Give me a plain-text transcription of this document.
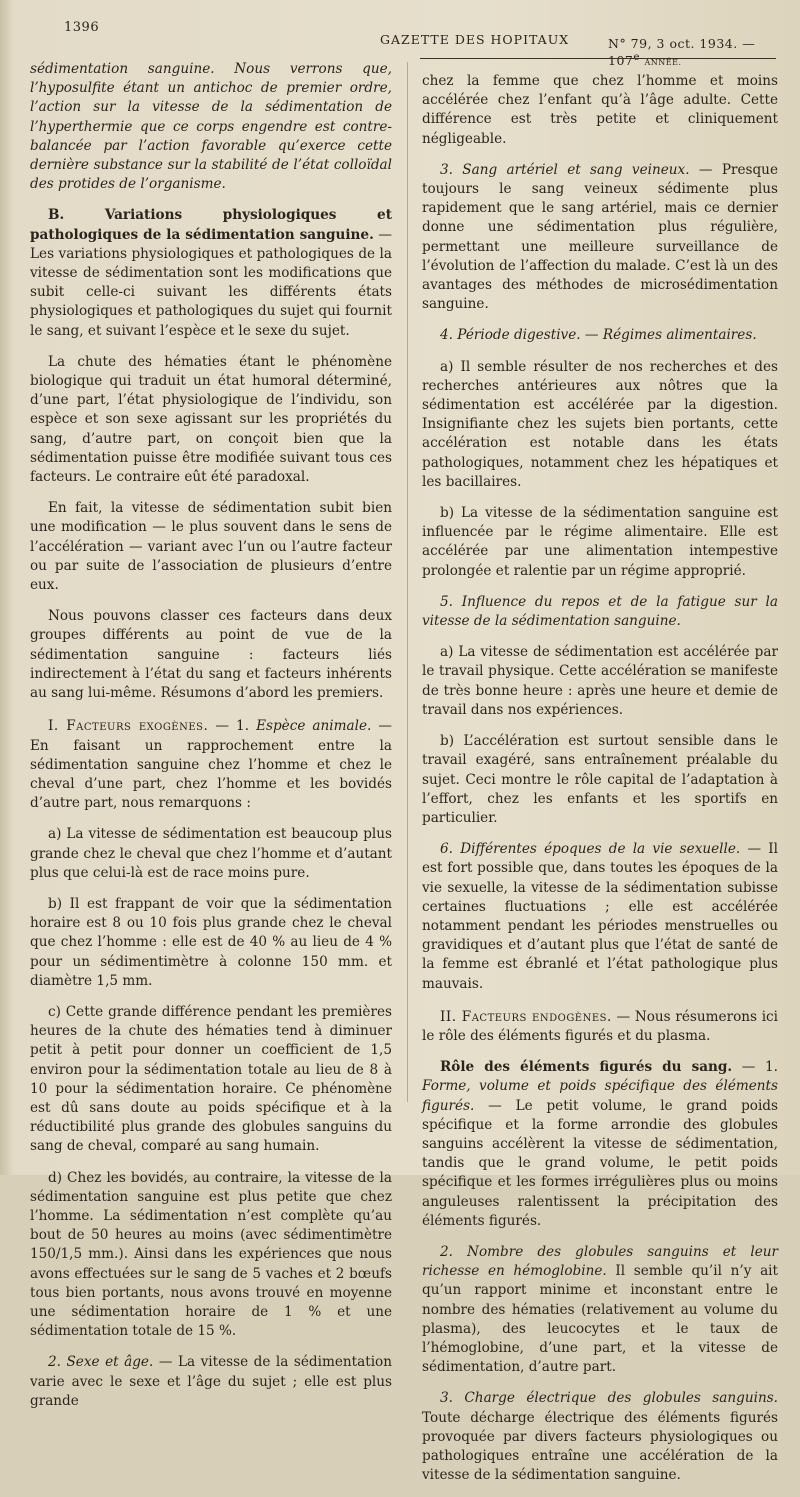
1396
GAZETTE DES HOPITAUX	N° 79, 3 oct. 1934. — 107e ANNÉE.

sédimentation sanguine. Nous verrons que, l’hyposulfite étant un antichoc de premier ordre, l’action sur la vitesse de la sédimentation de l’hyperthermie que ce corps engendre est contre-balancée par l’action favorable qu’exerce cette dernière substance sur la stabilité de l’état colloïdal des protides de l’organisme.

B. Variations physiologiques et pathologiques de la sédimentation sanguine. — Les variations physiologiques et pathologiques de la vitesse de sédimentation sont les modifications que subit celle-ci suivant les différents états physiologiques et pathologiques du sujet qui fournit le sang, et suivant l’espèce et le sexe du sujet.

La chute des hématies étant le phénomène biologique qui traduit un état humoral déterminé, d’une part, l’état physiologique de l’individu, son espèce et son sexe agissant sur les propriétés du sang, d’autre part, on conçoit bien que la sédimentation puisse être modifiée suivant tous ces facteurs. Le contraire eût été paradoxal.

En fait, la vitesse de sédimentation subit bien une modification — le plus souvent dans le sens de l’accélération — variant avec l’un ou l’autre facteur ou par suite de l’association de plusieurs d’entre eux.

Nous pouvons classer ces facteurs dans deux groupes différents au point de vue de la sédimentation sanguine : facteurs liés indirectement à l’état du sang et facteurs inhérents au sang lui-même. Résumons d’abord les premiers.

I. Facteurs exogènes. — 1. Espèce animale. — En faisant un rapprochement entre la sédimentation sanguine chez l’homme et chez le cheval d’une part, chez l’homme et les bovidés d’autre part, nous remarquons :

a) La vitesse de sédimentation est beaucoup plus grande chez le cheval que chez l’homme et d’autant plus que celui-là est de race moins pure.

b) Il est frappant de voir que la sédimentation horaire est 8 ou 10 fois plus grande chez le cheval que chez l’homme : elle est de 40 % au lieu de 4 % pour un sédimentimètre à colonne 150 mm. et diamètre 1,5 mm.

c) Cette grande différence pendant les premières heures de la chute des hématies tend à diminuer petit à petit pour donner un coefficient de 1,5 environ pour la sédimentation totale au lieu de 8 à 10 pour la sédimentation horaire. Ce phénomène est dû sans doute au poids spécifique et à la réductibilité plus grande des globules sanguins du sang de cheval, comparé au sang humain.

d) Chez les bovidés, au contraire, la vitesse de la sédimentation sanguine est plus petite que chez l’homme. La sédimentation n’est complète qu’au bout de 50 heures au moins (avec sédimentimètre 150/1,5 mm.). Ainsi dans les expériences que nous avons effectuées sur le sang de 5 vaches et 2 bœufs tous bien portants, nous avons trouvé en moyenne une sédimentation horaire de 1 % et une sédimentation totale de 15 %.

2. Sexe et âge. — La vitesse de la sédimentation varie avec le sexe et l’âge du sujet ; elle est plus grande

chez la femme que chez l’homme et moins accélérée chez l’enfant qu’à l’âge adulte. Cette différence est très petite et cliniquement négligeable.

3. Sang artériel et sang veineux. — Presque toujours le sang veineux sédimente plus rapidement que le sang artériel, mais ce dernier donne une sédimentation plus régulière, permettant une meilleure surveillance de l’évolution de l’affection du malade. C’est là un des avantages des méthodes de microsédimentation sanguine.

4. Période digestive. — Régimes alimentaires.

a) Il semble résulter de nos recherches et des recherches antérieures aux nôtres que la sédimentation est accélérée par la digestion. Insignifiante chez les sujets bien portants, cette accélération est notable dans les états pathologiques, notamment chez les hépatiques et les bacillaires.

b) La vitesse de la sédimentation sanguine est influencée par le régime alimentaire. Elle est accélérée par une alimentation intempestive prolongée et ralentie par un régime approprié.

5. Influence du repos et de la fatigue sur la vitesse de la sédimentation sanguine.

a) La vitesse de sédimentation est accélérée par le travail physique. Cette accélération se manifeste de très bonne heure : après une heure et demie de travail dans nos expériences.

b) L’accélération est surtout sensible dans le travail exagéré, sans entraînement préalable du sujet. Ceci montre le rôle capital de l’adaptation à l’effort, chez les enfants et les sportifs en particulier.

6. Différentes époques de la vie sexuelle. — Il est fort possible que, dans toutes les époques de la vie sexuelle, la vitesse de la sédimentation subisse certaines fluctuations ; elle est accélérée notamment pendant les périodes menstruelles ou gravidiques et d’autant plus que l’état de santé de la femme est ébranlé et l’état pathologique plus mauvais.

II. Facteurs endogènes. — Nous résumerons ici le rôle des éléments figurés et du plasma.

Rôle des éléments figurés du sang. — 1. Forme, volume et poids spécifique des éléments figurés. — Le petit volume, le grand poids spécifique et la forme arrondie des globules sanguins accélèrent la vitesse de sédimentation, tandis que le grand volume, le petit poids spécifique et les formes irrégulières plus ou moins anguleuses ralentissent la précipitation des éléments figurés.

2. Nombre des globules sanguins et leur richesse en hémoglobine. Il semble qu’il n’y ait qu’un rapport minime et inconstant entre le nombre des hématies (relativement au volume du plasma), des leucocytes et le taux de l’hémoglobine, d’une part, et la vitesse de sédimentation, d’autre part.

3. Charge électrique des globules sanguins. Toute décharge électrique des éléments figurés provoquée par divers facteurs physiologiques ou pathologiques entraîne une accélération de la vitesse de la sédimentation sanguine.
